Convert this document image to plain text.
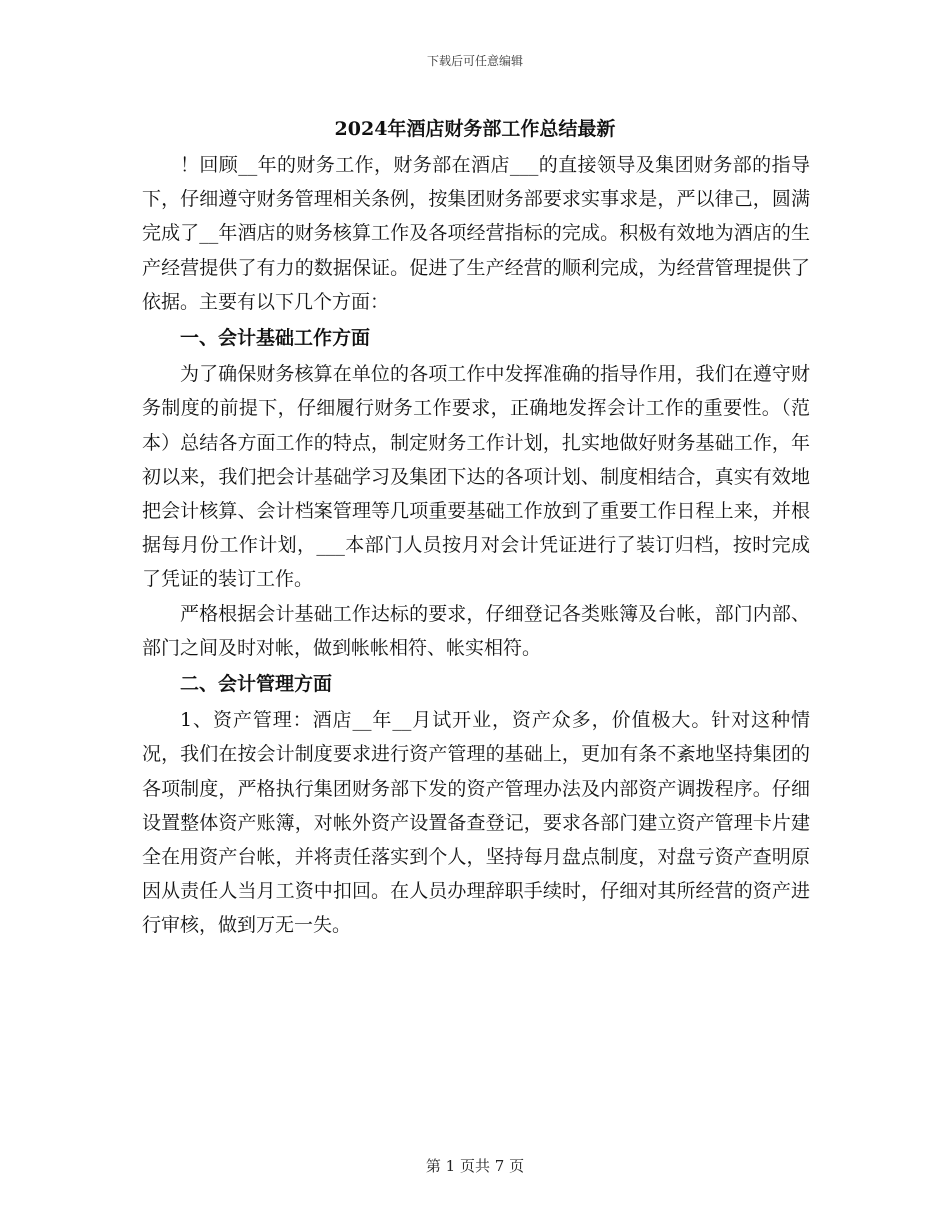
下载后可任意编辑
2024年酒店财务部工作总结最新

！回顾__年的财务工作，财务部在酒店___的直接领导及集团财务部的指导下，仔细遵守财务管理相关条例，按集团财务部要求实事求是，严以律己，圆满完成了__年酒店的财务核算工作及各项经营指标的完成。积极有效地为酒店的生产经营提供了有力的数据保证。促进了生产经营的顺利完成，为经营管理提供了依据。主要有以下几个方面：

一、会计基础工作方面

为了确保财务核算在单位的各项工作中发挥准确的指导作用，我们在遵守财务制度的前提下，仔细履行财务工作要求，正确地发挥会计工作的重要性。（范本）总结各方面工作的特点，制定财务工作计划，扎实地做好财务基础工作，年初以来，我们把会计基础学习及集团下达的各项计划、制度相结合，真实有效地把会计核算、会计档案管理等几项重要基础工作放到了重要工作日程上来，并根据每月份工作计划，___本部门人员按月对会计凭证进行了装订归档，按时完成了凭证的装订工作。

严格根据会计基础工作达标的要求，仔细登记各类账簿及台帐，部门内部、部门之间及时对帐，做到帐帐相符、帐实相符。

二、会计管理方面

1、资产管理：酒店__年__月试开业，资产众多，价值极大。针对这种情况，我们在按会计制度要求进行资产管理的基础上，更加有条不紊地坚持集团的各项制度，严格执行集团财务部下发的资产管理办法及内部资产调拨程序。仔细设置整体资产账簿，对帐外资产设置备查登记，要求各部门建立资产管理卡片建全在用资产台帐，并将责任落实到个人，坚持每月盘点制度，对盘亏资产查明原因从责任人当月工资中扣回。在人员办理辞职手续时，仔细对其所经营的资产进行审核，做到万无一失。

第 1 页共 7 页
